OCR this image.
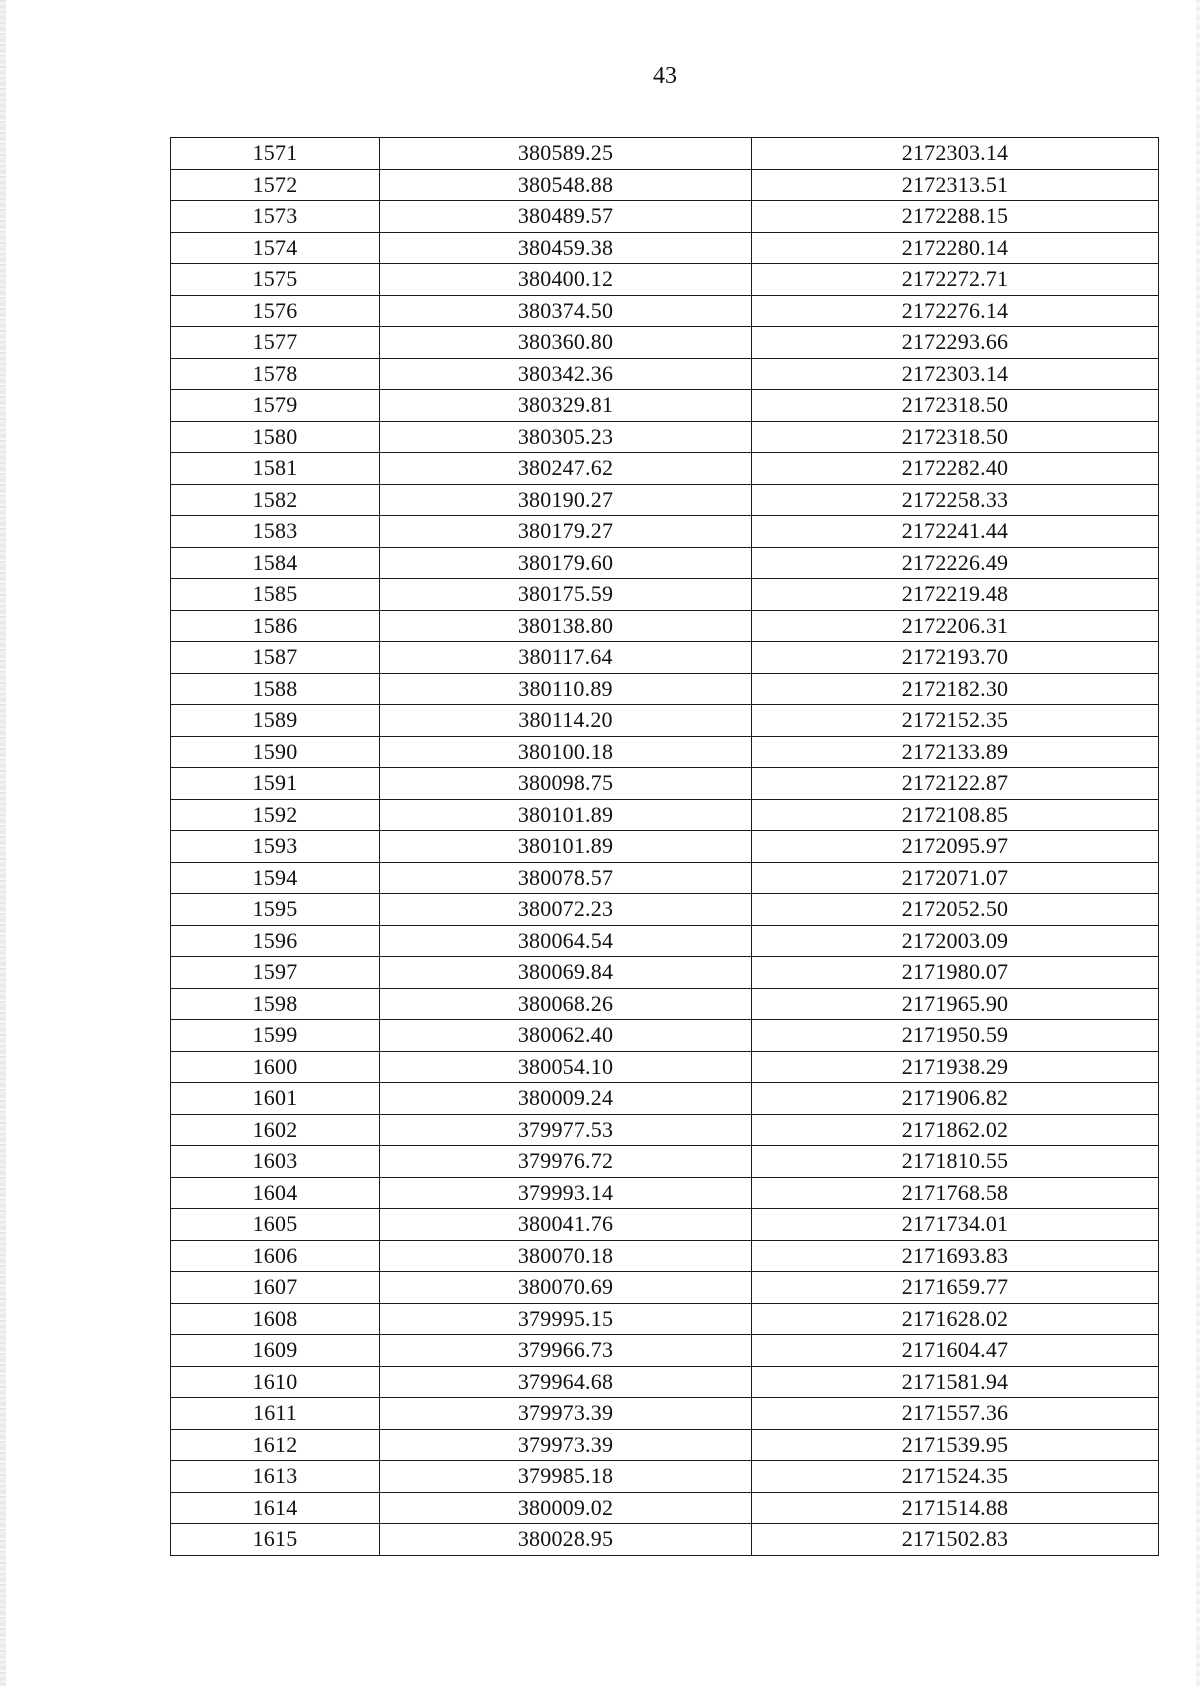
43
1571	380589.25	2172303.14
1572	380548.88	2172313.51
1573	380489.57	2172288.15
1574	380459.38	2172280.14
1575	380400.12	2172272.71
1576	380374.50	2172276.14
1577	380360.80	2172293.66
1578	380342.36	2172303.14
1579	380329.81	2172318.50
1580	380305.23	2172318.50
1581	380247.62	2172282.40
1582	380190.27	2172258.33
1583	380179.27	2172241.44
1584	380179.60	2172226.49
1585	380175.59	2172219.48
1586	380138.80	2172206.31
1587	380117.64	2172193.70
1588	380110.89	2172182.30
1589	380114.20	2172152.35
1590	380100.18	2172133.89
1591	380098.75	2172122.87
1592	380101.89	2172108.85
1593	380101.89	2172095.97
1594	380078.57	2172071.07
1595	380072.23	2172052.50
1596	380064.54	2172003.09
1597	380069.84	2171980.07
1598	380068.26	2171965.90
1599	380062.40	2171950.59
1600	380054.10	2171938.29
1601	380009.24	2171906.82
1602	379977.53	2171862.02
1603	379976.72	2171810.55
1604	379993.14	2171768.58
1605	380041.76	2171734.01
1606	380070.18	2171693.83
1607	380070.69	2171659.77
1608	379995.15	2171628.02
1609	379966.73	2171604.47
1610	379964.68	2171581.94
1611	379973.39	2171557.36
1612	379973.39	2171539.95
1613	379985.18	2171524.35
1614	380009.02	2171514.88
1615	380028.95	2171502.83
